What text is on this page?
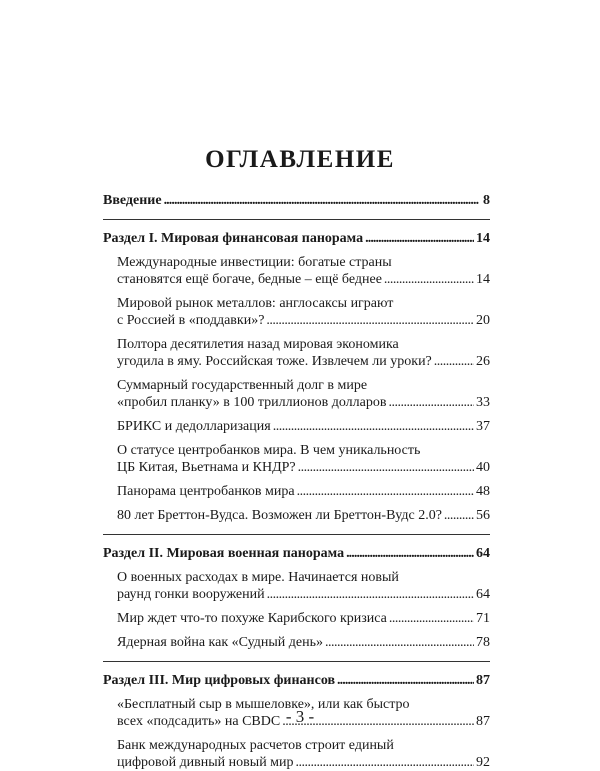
ОГЛАВЛЕНИЕ
Введение . . .	8
Раздел I. Мировая финансовая панорама . . .	14
Международные инвестиции: богатые страны
становятся ещё богаче, бедные – ещё беднее . . .	14
Мировой рынок металлов: англосаксы играют
с Россией в «поддавки»? . . .	20
Полтора десятилетия назад мировая экономика
угодила в яму. Российская тоже. Извлечем ли уроки? . . .	26
Суммарный государственный долг в мире
«пробил планку» в 100 триллионов долларов . . .	33
БРИКС и дедолларизация . . .	37
О статусе центробанков мира. В чем уникальность
ЦБ Китая, Вьетнама и КНДР? . . .	40
Панорама центробанков мира . . .	48
80 лет Бреттон-Вудса. Возможен ли Бреттон-Вудс 2.0? . . . 56
Раздел II. Мировая военная панорама . . .	64
О военных расходах в мире. Начинается новый
раунд гонки вооружений . . .	64
Мир ждет что-то похуже Карибского кризиса . . .	71
Ядерная война как «Судный день» . . .	78
Раздел III. Мир цифровых финансов . . .	87
«Бесплатный сыр в мышеловке», или как быстро
всех «подсадить» на CBDC . . .	87
Банк международных расчетов строит единый
цифровой дивный новый мир . . .	92
- 3 -
